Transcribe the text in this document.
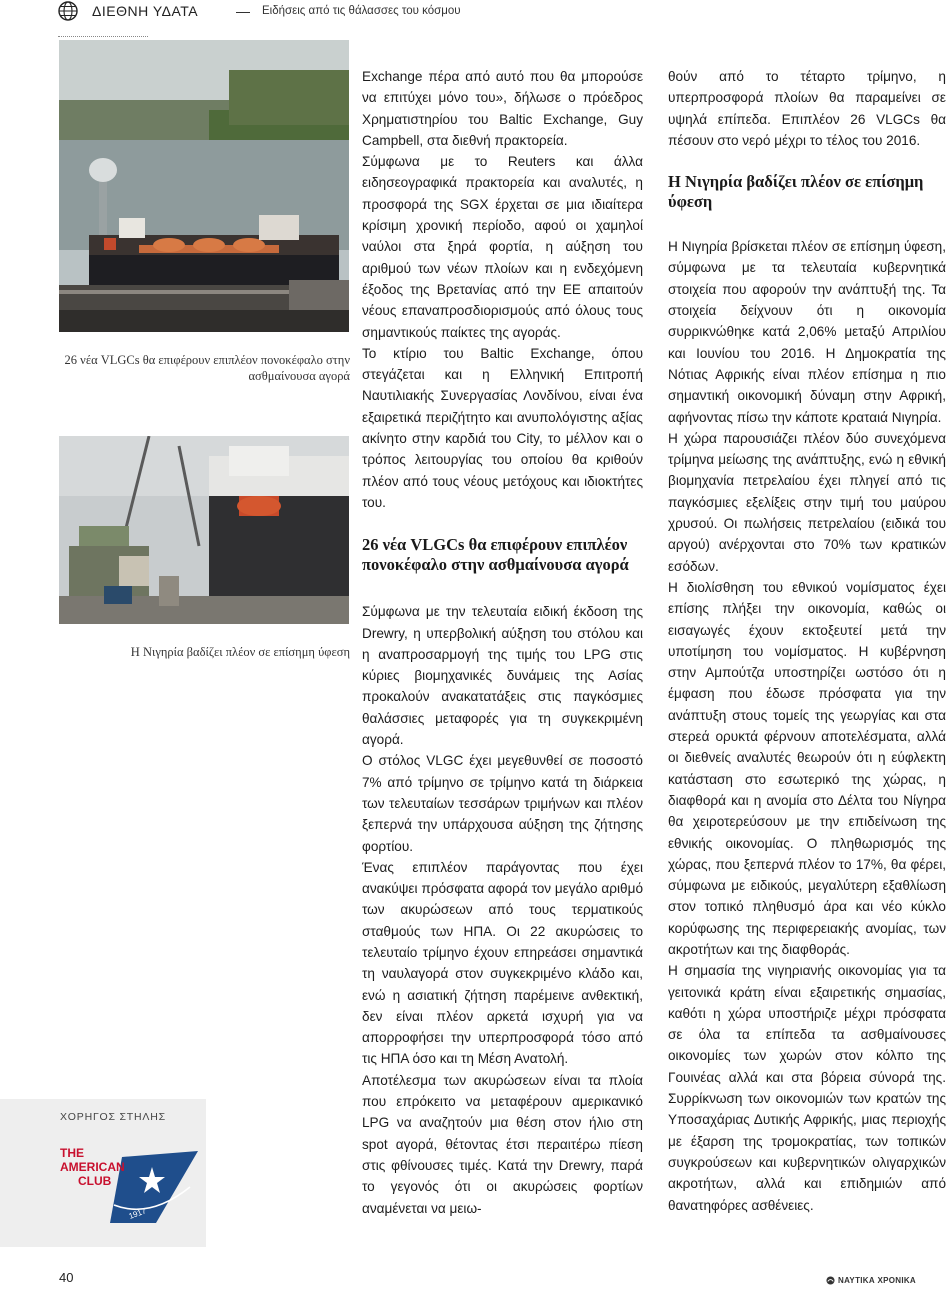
ΔΙΕΘΝΗ ΥΔΑΤΑ	— Ειδήσεις από τις θάλασσες του κόσμου
26 νέα VLGCs θα επιφέρουν επιπλέον πονοκέφαλο στην ασθμαίνουσα αγορά
Η Νιγηρία βαδίζει πλέον σε επίσημη ύφεση

Exchange πέρα από αυτό που θα μπορούσε να επιτύχει μόνο του», δήλωσε ο πρόεδρος Χρηματιστηρίου του Baltic Exchange, Guy Campbell, στα διεθνή πρακτορεία.

Σύμφωνα με το Reuters και άλλα ειδησεογραφικά πρακτορεία και αναλυτές, η προσφορά της SGX έρχεται σε μια ιδιαίτερα κρίσιμη χρονική περίοδο, αφού οι χαμηλοί ναύλοι στα ξηρά φορτία, η αύξηση του αριθμού των νέων πλοίων και η ενδεχόμενη έξοδος της Βρετανίας από την ΕΕ απαιτούν νέους επαναπροσδιορισμούς από όλους τους σημαντικούς παίκτες της αγοράς.

Το κτίριο του Baltic Exchange, όπου στεγάζεται και η Ελληνική Επιτροπή Ναυτιλιακής Συνεργασίας Λονδίνου, είναι ένα εξαιρετικά περιζήτητο και ανυπολόγιστης αξίας ακίνητο στην καρδιά του City, το μέλλον και ο τρόπος λειτουργίας του οποίου θα κριθούν πλέον από τους νέους μετόχους και ιδιοκτήτες του.

26 νέα VLGCs θα επιφέρουν επιπλέον πονοκέφαλο στην ασθμαίνουσα αγορά

Σύμφωνα με την τελευταία ειδική έκδοση της Drewry, η υπερβολική αύξηση του στόλου και η αναπροσαρμογή της τιμής του LPG στις κύριες βιομηχανικές δυνάμεις της Ασίας προκαλούν ανακατατάξεις στις παγκόσμιες θαλάσσιες μεταφορές για τη συγκεκριμένη αγορά.

Ο στόλος VLGC έχει μεγεθυνθεί σε ποσοστό 7% από τρίμηνο σε τρίμηνο κατά τη διάρκεια των τελευταίων τεσσάρων τριμήνων και πλέον ξεπερνά την υπάρχουσα αύξηση της ζήτησης φορτίου.

Ένας επιπλέον παράγοντας που έχει ανακύψει πρόσφατα αφορά τον μεγάλο αριθμό των ακυρώσεων από τους τερματικούς σταθμούς των ΗΠΑ. Οι 22 ακυρώσεις το τελευταίο τρίμηνο έχουν επηρεάσει σημαντικά τη ναυλαγορά στον συγκεκριμένο κλάδο και, ενώ η ασιατική ζήτηση παρέμεινε ανθεκτική, δεν είναι πλέον αρκετά ισχυρή για να απορροφήσει την υπερπροσφορά τόσο από τις ΗΠΑ όσο και τη Μέση Ανατολή.

Αποτέλεσμα των ακυρώσεων είναι τα πλοία που επρόκειτο να μεταφέρουν αμερικανικό LPG να αναζητούν μια θέση στον ήλιο στη spot αγορά, θέτοντας έτσι περαιτέρω πίεση στις φθίνουσες τιμές. Κατά την Drewry, παρά το γεγονός ότι οι ακυρώσεις φορτίων αναμένεται να μειω-

θούν από το τέταρτο τρίμηνο, η υπερπροσφορά πλοίων θα παραμείνει σε υψηλά επίπεδα. Επιπλέον 26 VLGCs θα πέσουν στο νερό μέχρι το τέλος του 2016.

Η Νιγηρία βαδίζει πλέον σε επίσημη ύφεση

Η Νιγηρία βρίσκεται πλέον σε επίσημη ύφεση, σύμφωνα με τα τελευταία κυβερνητικά στοιχεία που αφορούν την ανάπτυξή της. Τα στοιχεία δείχνουν ότι η οικονομία συρρικνώθηκε κατά 2,06% μεταξύ Απριλίου και Ιουνίου του 2016. Η Δημοκρατία της Νότιας Αφρικής είναι πλέον επίσημα η πιο σημαντική οικονομική δύναμη στην Αφρική, αφήνοντας πίσω την κάποτε κραταιά Νιγηρία.

Η χώρα παρουσιάζει πλέον δύο συνεχόμενα τρίμηνα μείωσης της ανάπτυξης, ενώ η εθνική βιομηχανία πετρελαίου έχει πληγεί από τις παγκόσμιες εξελίξεις στην τιμή του μαύρου χρυσού. Οι πωλήσεις πετρελαίου (ειδικά του αργού) ανέρχονται στο 70% των κρατικών εσόδων.

Η διολίσθηση του εθνικού νομίσματος έχει επίσης πλήξει την οικονομία, καθώς οι εισαγωγές έχουν εκτοξευτεί μετά την υποτίμηση του νομίσματος. Η κυβέρνηση στην Αμπούτζα υποστηρίζει ωστόσο ότι η έμφαση που έδωσε πρόσφατα για την ανάπτυξη στους τομείς της γεωργίας και στα στερεά ορυκτά φέρνουν αποτελέσματα, αλλά οι διεθνείς αναλυτές θεωρούν ότι η εύφλεκτη κατάσταση στο εσωτερικό της χώρας, η διαφθορά και η ανομία στο Δέλτα του Νίγηρα θα χειροτερεύσουν με την επιδείνωση της εθνικής οικονομίας. Ο πληθωρισμός της χώρας, που ξεπερνά πλέον το 17%, θα φέρει, σύμφωνα με ειδικούς, μεγαλύτερη εξαθλίωση στον τοπικό πληθυσμό άρα και νέο κύκλο κορύφωσης της περιφερειακής ανομίας, των ακροτήτων και της διαφθοράς.

Η σημασία της νιγηριανής οικονομίας για τα γειτονικά κράτη είναι εξαιρετικής σημασίας, καθότι η χώρα υποστήριζε μέχρι πρόσφατα σε όλα τα επίπεδα τα ασθμαίνουσες οικονομίες των χωρών στον κόλπο της Γουινέας αλλά και στα βόρεια σύνορά της. Συρρίκνωση των οικονομιών των κρατών της Υποσαχάριας Δυτικής Αφρικής, μιας περιοχής με έξαρση της τρομοκρατίας, των τοπικών συγκρούσεων και κυβερνητικών ολιγαρχικών ακροτήτων, αλλά και επιδημιών από θανατηφόρες ασθένειες.

ΧΟΡΗΓΟΣ ΣΤΗΛΗΣ
THE
AMERICAN
CLUB
1917
40	ΝΑΥΤΙΚΑ ΧΡΟΝΙΚΑ
